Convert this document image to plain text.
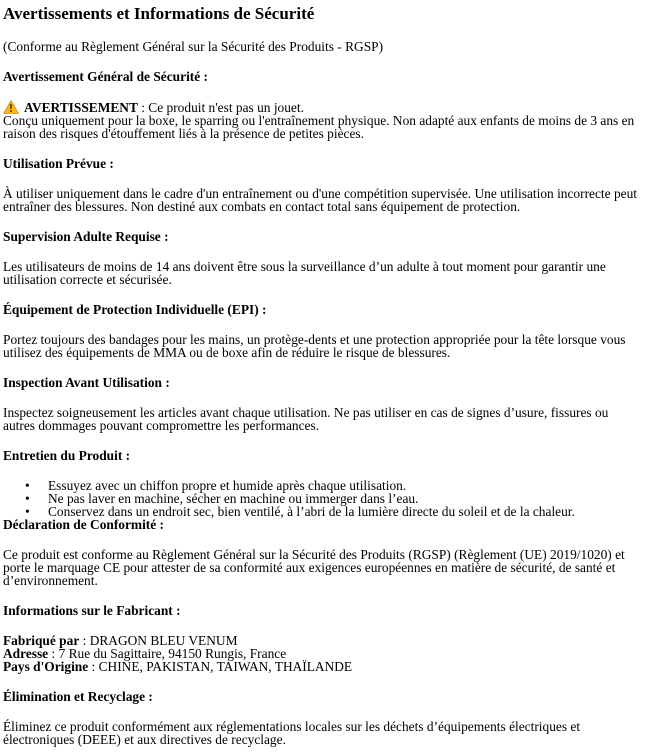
Avertissements et Informations de Sécurité

(Conforme au Règlement Général sur la Sécurité des Produits - RGSP)

Avertissement Général de Sécurité :

AVERTISSEMENT : Ce produit n'est pas un jouet.
Conçu uniquement pour la boxe, le sparring ou l'entraînement physique. Non adapté aux enfants de moins de 3 ans en raison des risques d'étouffement liés à la présence de petites pièces.

Utilisation Prévue :

À utiliser uniquement dans le cadre d'un entraînement ou d'une compétition supervisée. Une utilisation incorrecte peut entraîner des blessures. Non destiné aux combats en contact total sans équipement de protection.

Supervision Adulte Requise :

Les utilisateurs de moins de 14 ans doivent être sous la surveillance d’un adulte à tout moment pour garantir une utilisation correcte et sécurisée.

Équipement de Protection Individuelle (EPI) :

Portez toujours des bandages pour les mains, un protège-dents et une protection appropriée pour la tête lorsque vous utilisez des équipements de MMA ou de boxe afin de réduire le risque de blessures.

Inspection Avant Utilisation :

Inspectez soigneusement les articles avant chaque utilisation. Ne pas utiliser en cas de signes d’usure, fissures ou autres dommages pouvant compromettre les performances.

Entretien du Produit :

• Essuyez avec un chiffon propre et humide après chaque utilisation.
• Ne pas laver en machine, sécher en machine ou immerger dans l’eau.
• Conservez dans un endroit sec, bien ventilé, à l’abri de la lumière directe du soleil et de la chaleur.

Déclaration de Conformité :

Ce produit est conforme au Règlement Général sur la Sécurité des Produits (RGSP) (Règlement (UE) 2019/1020) et porte le marquage CE pour attester de sa conformité aux exigences européennes en matière de sécurité, de santé et d’environnement.

Informations sur le Fabricant :

Fabriqué par : DRAGON BLEU VENUM
Adresse : 7 Rue du Sagittaire, 94150 Rungis, France
Pays d'Origine : CHINE, PAKISTAN, TAIWAN, THAÏLANDE

Élimination et Recyclage :

Éliminez ce produit conformément aux réglementations locales sur les déchets d’équipements électriques et électroniques (DEEE) et aux directives de recyclage.
